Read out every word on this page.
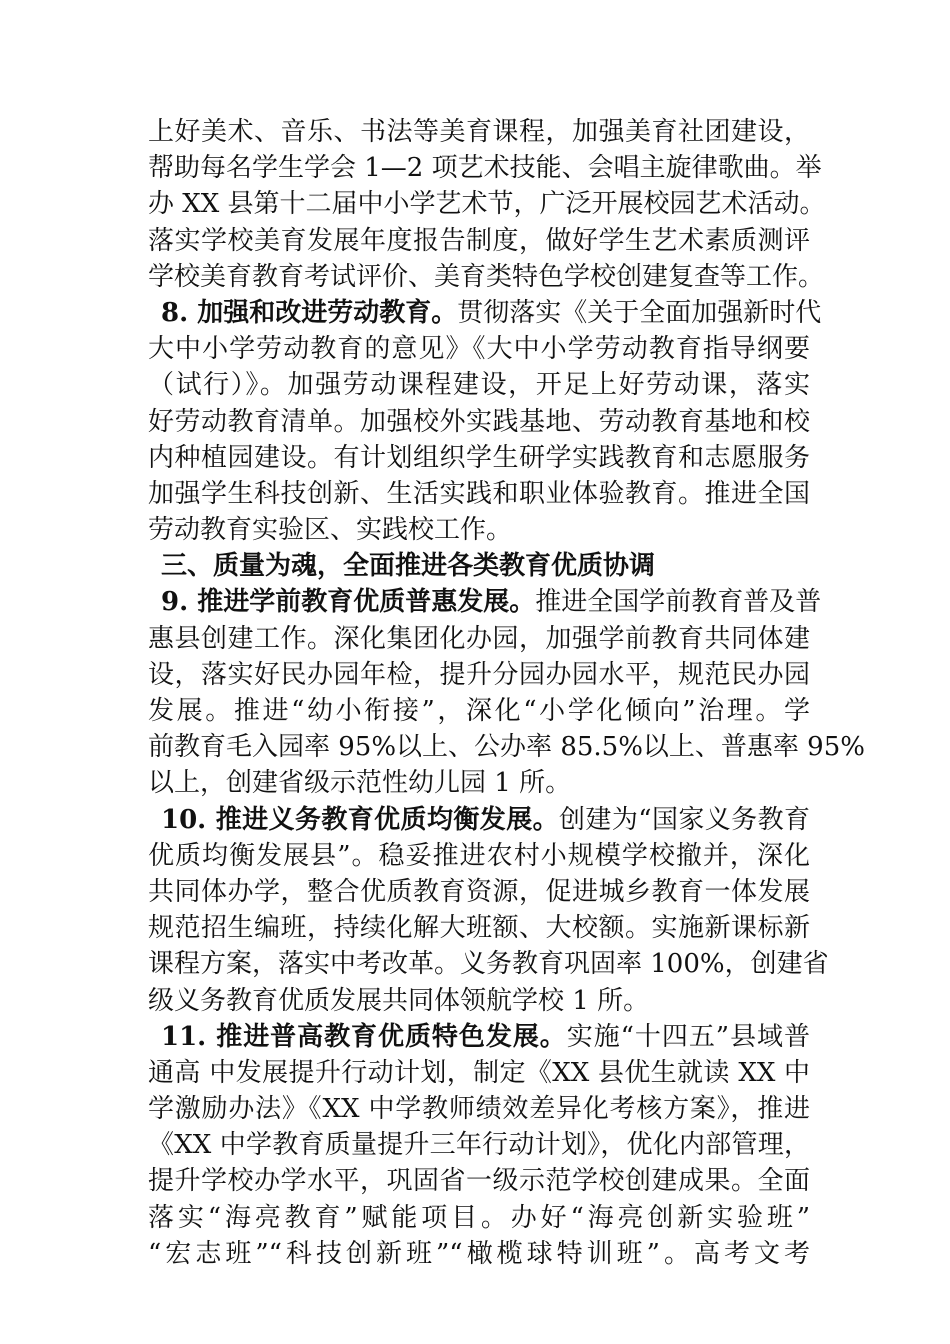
上好美术、音乐、书法等美育课程，加强美育社团建设，
帮助每名学生学会 1—2 项艺术技能、会唱主旋律歌曲。举
办 XX 县第十二届中小学艺术节，广泛开展校园艺术活动。
落实学校美育发展年度报告制度，做好学生艺术素质测评
学校美育教育考试评价、美育类特色学校创建复查等工作。
8. 加强和改进劳动教育。贯彻落实《关于全面加强新时代
大中小学劳动教育的意见》《大中小学劳动教育指导纲要
（试行）》。加强劳动课程建设，开足上好劳动课，落实
好劳动教育清单。加强校外实践基地、劳动教育基地和校
内种植园建设。有计划组织学生研学实践教育和志愿服务
加强学生科技创新、生活实践和职业体验教育。推进全国
劳动教育实验区、实践校工作。
三、质量为魂，全面推进各类教育优质协调
9. 推进学前教育优质普惠发展。推进全国学前教育普及普
惠县创建工作。深化集团化办园，加强学前教育共同体建
设，落实好民办园年检，提升分园办园水平，规范民办园
发展。推进“幼小衔接”，深化“小学化倾向”治理。学
前教育毛入园率 95%以上、公办率 85.5%以上、普惠率 95%
以上，创建省级示范性幼儿园 1 所。
10. 推进义务教育优质均衡发展。创建为“国家义务教育
优质均衡发展县”。稳妥推进农村小规模学校撤并，深化
共同体办学，整合优质教育资源，促进城乡教育一体发展
规范招生编班，持续化解大班额、大校额。实施新课标新
课程方案，落实中考改革。义务教育巩固率 100%，创建省
级义务教育优质发展共同体领航学校 1 所。
11. 推进普高教育优质特色发展。实施“十四五”县域普
通高 中发展提升行动计划，制定《XX 县优生就读 XX 中
学激励办法》《XX 中学教师绩效差异化考核方案》，推进
《XX 中学教育质量提升三年行动计划》，优化内部管理，
提升学校办学水平，巩固省一级示范学校创建成果。全面
落实“海亮教育”赋能项目。办好“海亮创新实验班”
“宏志班”“科技创新班”“橄榄球特训班”。高考文考
